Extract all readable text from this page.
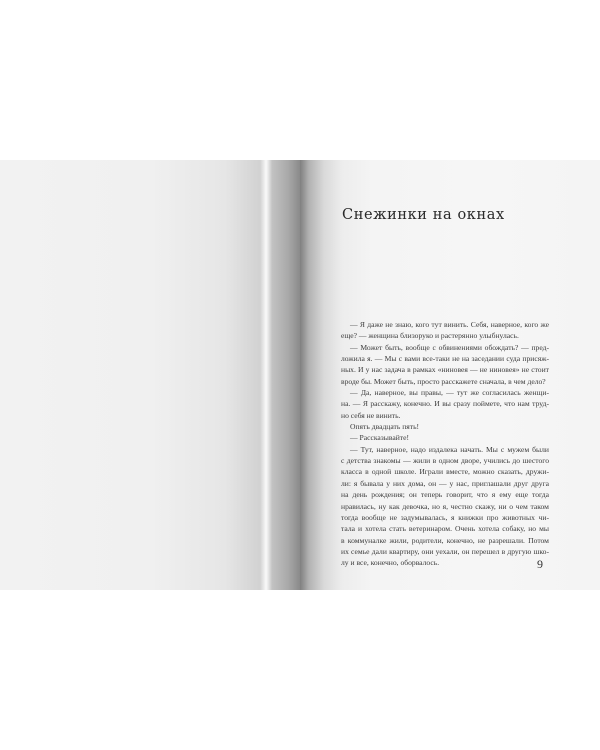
Снежинки на окнах
— Я даже не знаю, кого тут винить. Себя, наверное, кого же
еще? — женщина близоруко и растерянно улыбнулась.
— Может быть, вообще с обвинениями обождать? — пред-
ложила я. — Мы с вами все-таки не на заседании суда присяж-
ных. И у нас задача в рамках «ниновея — не ниновея» не стоит
вроде бы. Может быть, просто расскажете сначала, в чем дело?
— Да, наверное, вы правы, — тут же согласилась женщи-
на. — Я расскажу, конечно. И вы сразу поймете, что нам труд-
но себя не винить.
Опять двадцать пять!
— Рассказывайте!
— Тут, наверное, надо издалека начать. Мы с мужем были
с детства знакомы — жили в одном дворе, учились до шестого
класса в одной школе. Играли вместе, можно сказать, дружи-
ли: я бывала у них дома, он — у нас, приглашали друг друга
на день рождения; он теперь говорит, что я ему еще тогда
нравилась, ну как девочка, но я, честно скажу, ни о чем таком
тогда вообще не задумывалась, я книжки про животных чи-
тала и хотела стать ветеринаром. Очень хотела собаку, но мы
в коммуналке жили, родители, конечно, не разрешали. Потом
их семье дали квартиру, они уехали, он перешел в другую шко-
лу и все, конечно, оборвалось.	9
